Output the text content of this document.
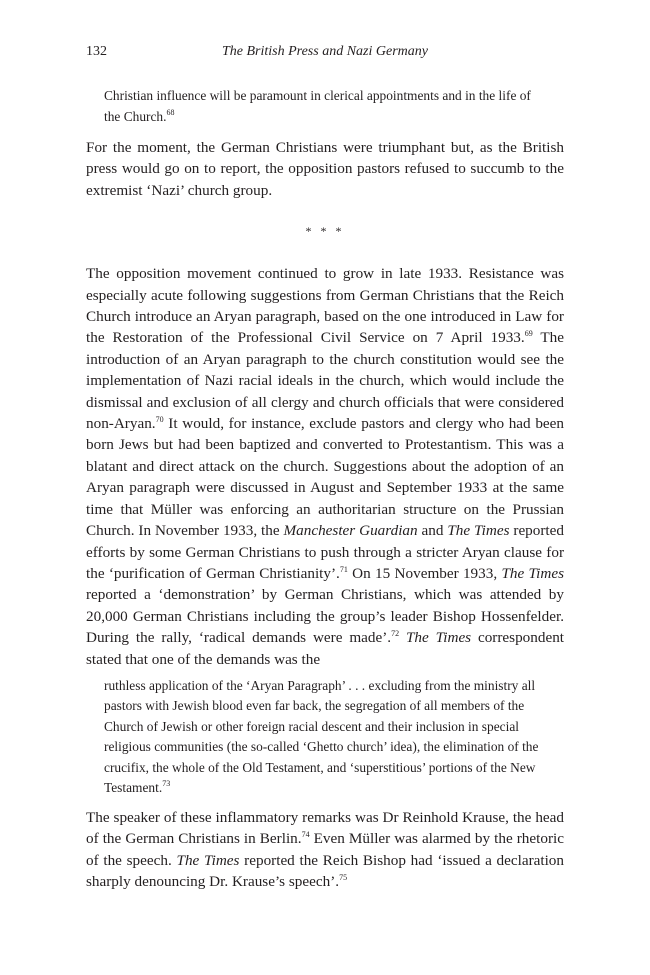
132	The British Press and Nazi Germany
Christian influence will be paramount in clerical appointments and in the life of the Church.$^{68}$

For the moment, the German Christians were triumphant but, as the British press would go on to report, the opposition pastors refused to succumb to the extremist ‘Nazi’ church group.

* * *

The opposition movement continued to grow in late 1933. Resistance was especially acute following suggestions from German Christians that the Reich Church introduce an Aryan paragraph, based on the one introduced in Law for the Restoration of the Professional Civil Service on 7 April 1933.69 The introduction of an Aryan paragraph to the church constitution would see the implementation of Nazi racial ideals in the church, which would include the dismissal and exclusion of all clergy and church officials that were considered non-Aryan.$^{70}$ It would, for instance, exclude pastors and clergy who had been born Jews but had been baptized and converted to Protestantism. This was a blatant and direct attack on the church. Suggestions about the adoption of an Aryan paragraph were discussed in August and September 1933 at the same time that Müller was enforcing an authoritarian structure on the Prussian Church. In November 1933, the Manchester Guardian and The Times reported efforts by some German Christians to push through a stricter Aryan clause for the ‘purification of German Christianity’.$^{71}$ On 15 November 1933, The Times reported a ‘demonstration’ by German Christians, which was attended by 20,000 German Christians including the group’s leader Bishop Hossenfelder. During the rally, ‘radical demands were made’.$^{72}$ The Times correspondent stated that one of the demands was the

ruthless application of the ‘Aryan Paragraph’ . . . excluding from the ministry all pastors with Jewish blood even far back, the segregation of all members of the Church of Jewish or other foreign racial descent and their inclusion in special religious communities (the so-called ‘Ghetto church’ idea), the elimination of the crucifix, the whole of the Old Testament, and ‘superstitious’ portions of the New Testament.$^{73}$

The speaker of these inflammatory remarks was Dr Reinhold Krause, the head of the German Christians in Berlin.$^{74}$ Even Müller was alarmed by the rhetoric of the speech. The Times reported the Reich Bishop had ‘issued a declaration sharply denouncing Dr. Krause’s speech’.$^{75}$
